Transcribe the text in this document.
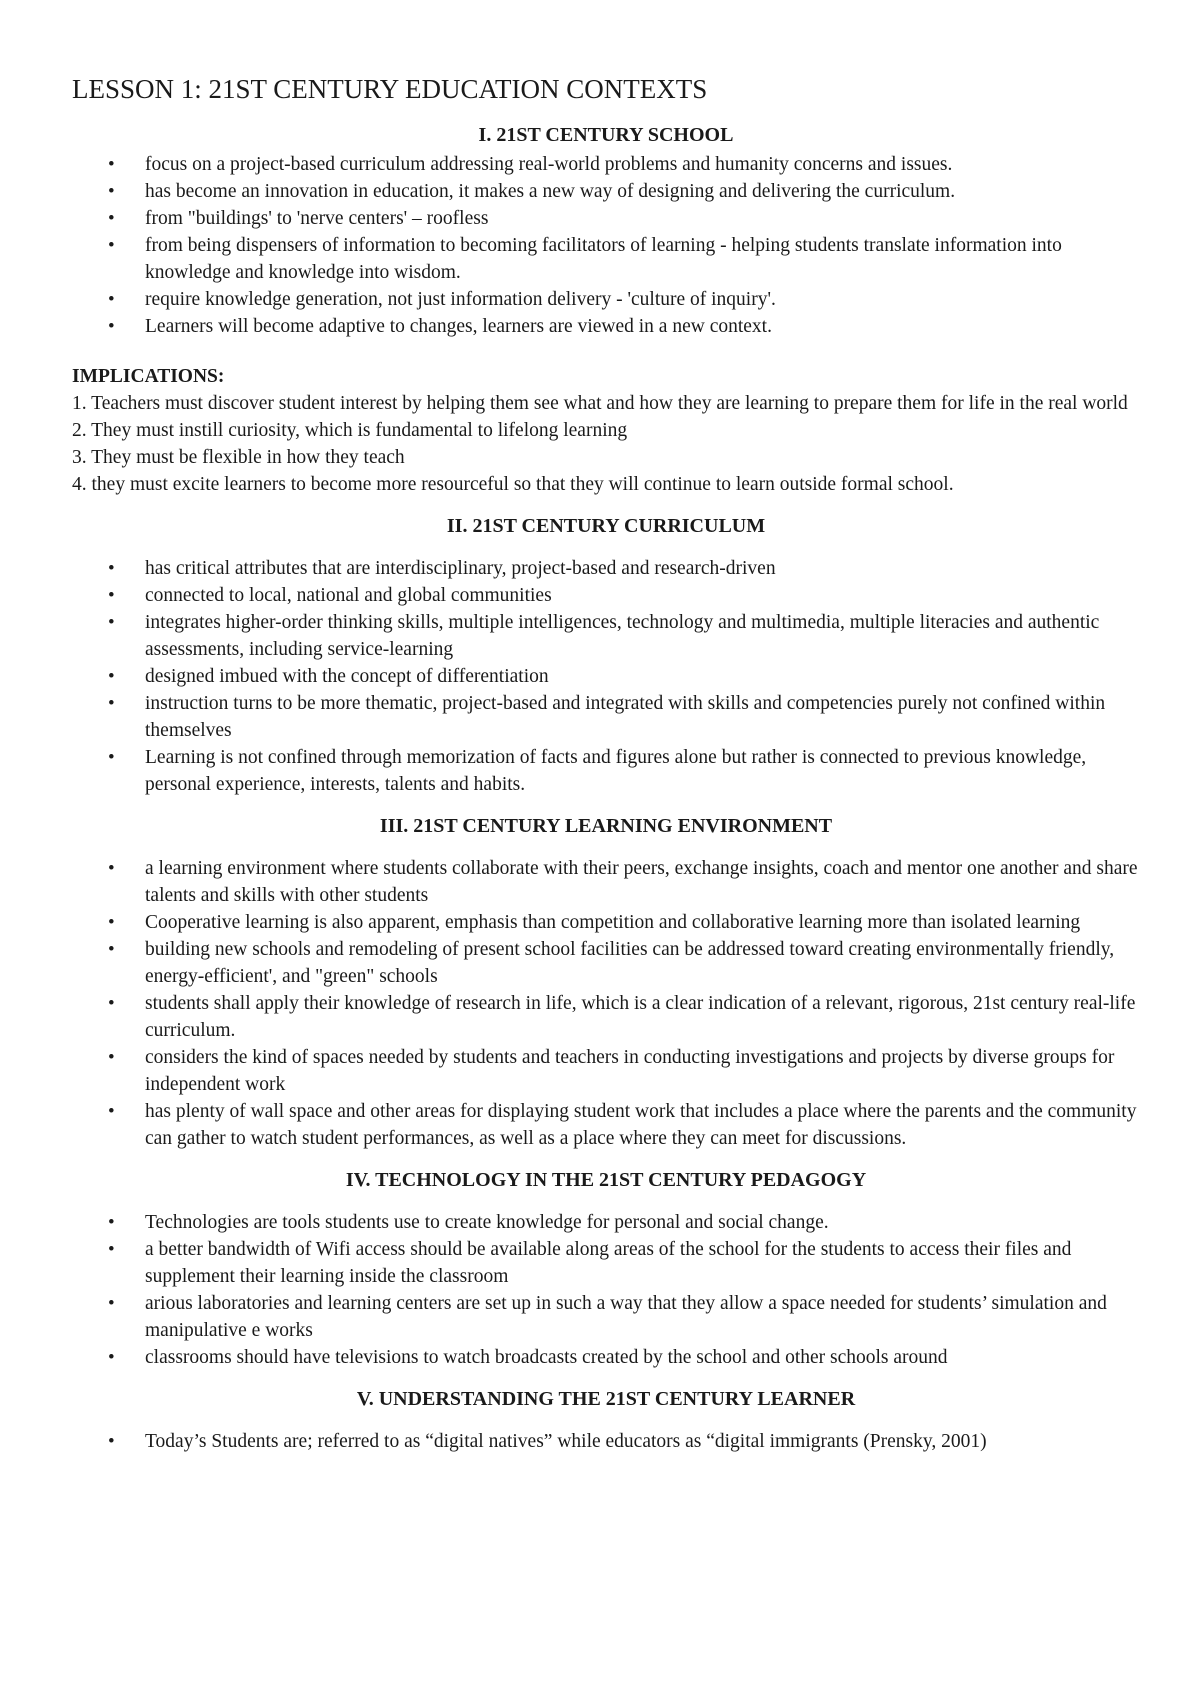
LESSON 1: 21ST CENTURY EDUCATION CONTEXTS
I. 21ST CENTURY SCHOOL
• focus on a project-based curriculum addressing real-world problems and humanity concerns and issues.
• has become an innovation in education, it makes a new way of designing and delivering the curriculum.
• from "buildings' to 'nerve centers' – roofless
• from being dispensers of information to becoming facilitators of learning - helping students translate information into knowledge and knowledge into wisdom.
• require knowledge generation, not just information delivery - 'culture of inquiry'.
• Learners will become adaptive to changes, learners are viewed in a new context.
IMPLICATIONS:
1. Teachers must discover student interest by helping them see what and how they are learning to prepare them for life in the real world
2. They must instill curiosity, which is fundamental to lifelong learning
3. They must be flexible in how they teach
4. they must excite learners to become more resourceful so that they will continue to learn outside formal school.
II. 21ST CENTURY CURRICULUM
• has critical attributes that are interdisciplinary, project-based and research-driven
• connected to local, national and global communities
• integrates higher-order thinking skills, multiple intelligences, technology and multimedia, multiple literacies and authentic assessments, including service-learning
• designed imbued with the concept of differentiation
• instruction turns to be more thematic, project-based and integrated with skills and competencies purely not confined within themselves
• Learning is not confined through memorization of facts and figures alone but rather is connected to previous knowledge, personal experience, interests, talents and habits.
III. 21ST CENTURY LEARNING ENVIRONMENT
• a learning environment where students collaborate with their peers, exchange insights, coach and mentor one another and share talents and skills with other students
• Cooperative learning is also apparent, emphasis than competition and collaborative learning more than isolated learning
• building new schools and remodeling of present school facilities can be addressed toward creating environmentally friendly, energy-efficient', and "green" schools
• students shall apply their knowledge of research in life, which is a clear indication of a relevant, rigorous, 21st century real-life curriculum.
• considers the kind of spaces needed by students and teachers in conducting investigations and projects by diverse groups for independent work
• has plenty of wall space and other areas for displaying student work that includes a place where the parents and the community can gather to watch student performances, as well as a place where they can meet for discussions.
IV. TECHNOLOGY IN THE 21ST CENTURY PEDAGOGY
• Technologies are tools students use to create knowledge for personal and social change.
• a better bandwidth of Wifi access should be available along areas of the school for the students to access their files and supplement their learning inside the classroom
• arious laboratories and learning centers are set up in such a way that they allow a space needed for students’ simulation and manipulative e works
• classrooms should have televisions to watch broadcasts created by the school and other schools around
V. UNDERSTANDING THE 21ST CENTURY LEARNER
• Today’s Students are; referred to as “digital natives” while educators as “digital immigrants (Prensky, 2001)
